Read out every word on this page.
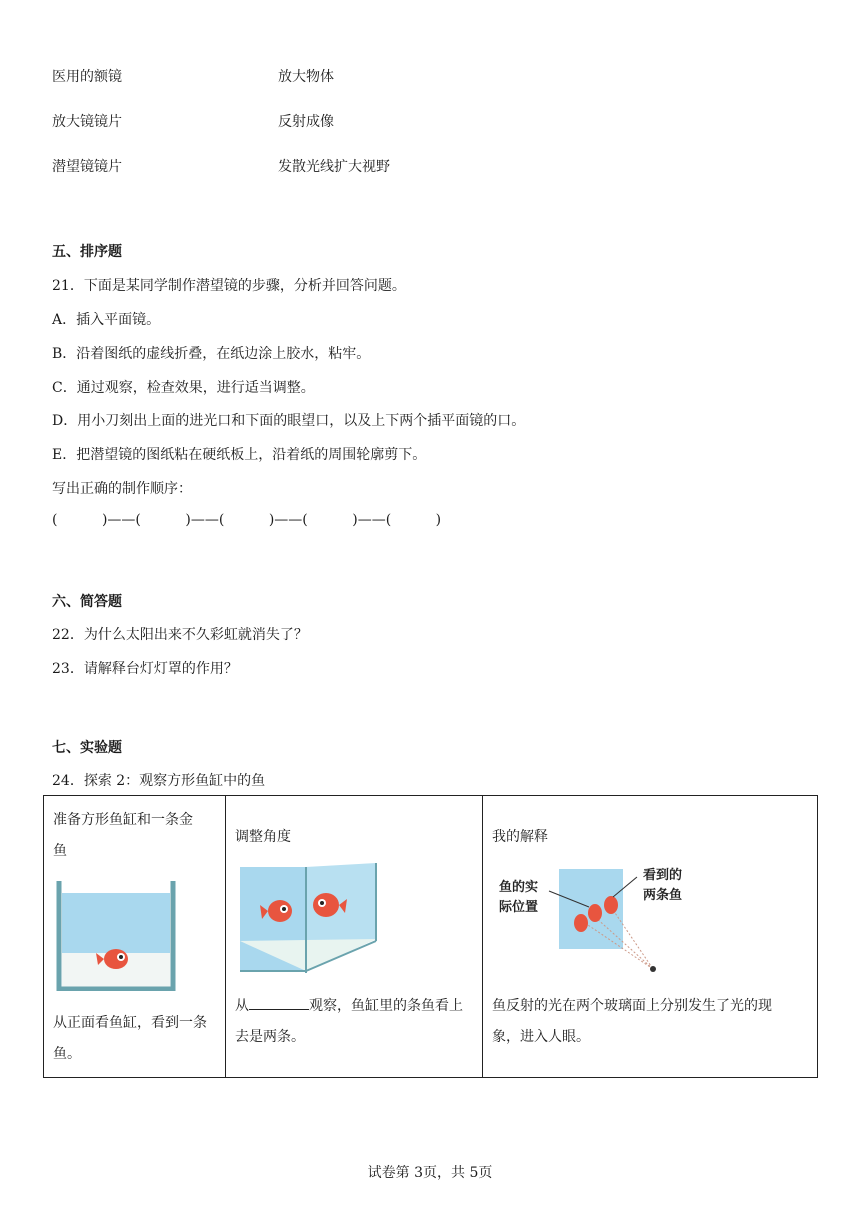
医用的额镜	放大物体
放大镜镜片	反射成像
潜望镜镜片	发散光线扩大视野
五、排序题
21．下面是某同学制作潜望镜的步骤，分析并回答问题。
A．插入平面镜。
B．沿着图纸的虚线折叠，在纸边涂上胶水，粘牢。
C．通过观察，检查效果，进行适当调整。
D．用小刀刻出上面的进光口和下面的眼望口，以及上下两个插平面镜的口。
E．把潜望镜的图纸粘在硬纸板上，沿着纸的周围轮廓剪下。
写出正确的制作顺序：
(          )——(          )——(          )——(          )——(          )
六、简答题
22．为什么太阳出来不久彩虹就消失了？
23．请解释台灯灯罩的作用？
七、实验题
24．探索 2：观察方形鱼缸中的鱼
准备方形鱼缸和一条金
鱼
从正面看鱼缸，看到一条
鱼。

调整角度
从	观察，鱼缸里的条鱼看上
去是两条。

我的解释
鱼的实
际位置
看到的
两条鱼
鱼反射的光在两个玻璃面上分别发生了光的现
象，进入人眼。
试卷第 3页，共 5页
